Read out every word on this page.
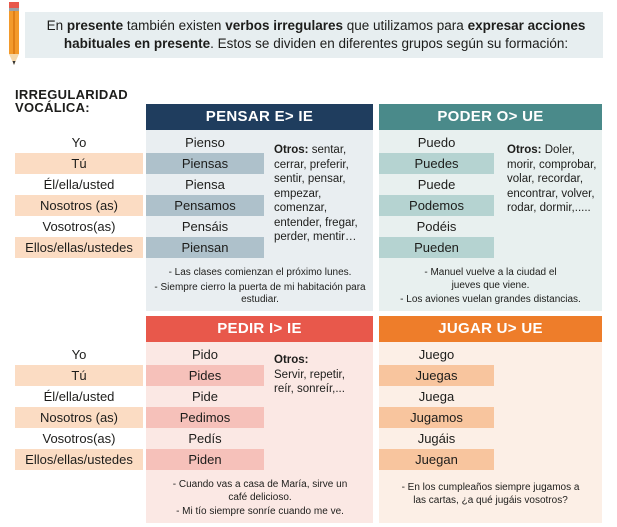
En presente también existen verbos irregulares que utilizamos para expresar acciones habituales en presente. Estos se dividen en diferentes grupos según su formación:
IRREGULARIDAD
VOCÁLICA:
Yo
Tú
Él/ella/usted
Nosotros (as)
Vosotros(as)
Ellos/ellas/ustedes
Yo
Tú
Él/ella/usted
Nosotros (as)
Vosotros(as)
Ellos/ellas/ustedes
PENSAR E> IE
Pienso
Piensas
Piensa
Pensamos
Pensáis
Piensan
Otros: sentar, cerrar, preferir, sentir, pensar, empezar, comenzar, entender, fregar, perder, mentir…
- Las clases comienzan el próximo lunes.
- Siempre cierro la puerta de mi habitación para estudiar.
PODER O> UE
Puedo
Puedes
Puede
Podemos
Podéis
Pueden
Otros: Doler, morir, comprobar, volar, recordar, encontrar, volver, rodar, dormir,.....
- Manuel vuelve a la ciudad el jueves que viene.
- Los aviones vuelan grandes distancias.
PEDIR I> IE
Pido
Pides
Pide
Pedimos
Pedís
Piden
Otros:
Servir, repetir, reír, sonreír,...
- Cuando vas a casa de María, sirve un café delicioso.
- Mi tío siempre sonríe cuando me ve.
JUGAR U> UE
Juego
Juegas
Juega
Jugamos
Jugáis
Juegan
- En los cumpleaños siempre jugamos a las cartas, ¿a qué jugáis vosotros?
